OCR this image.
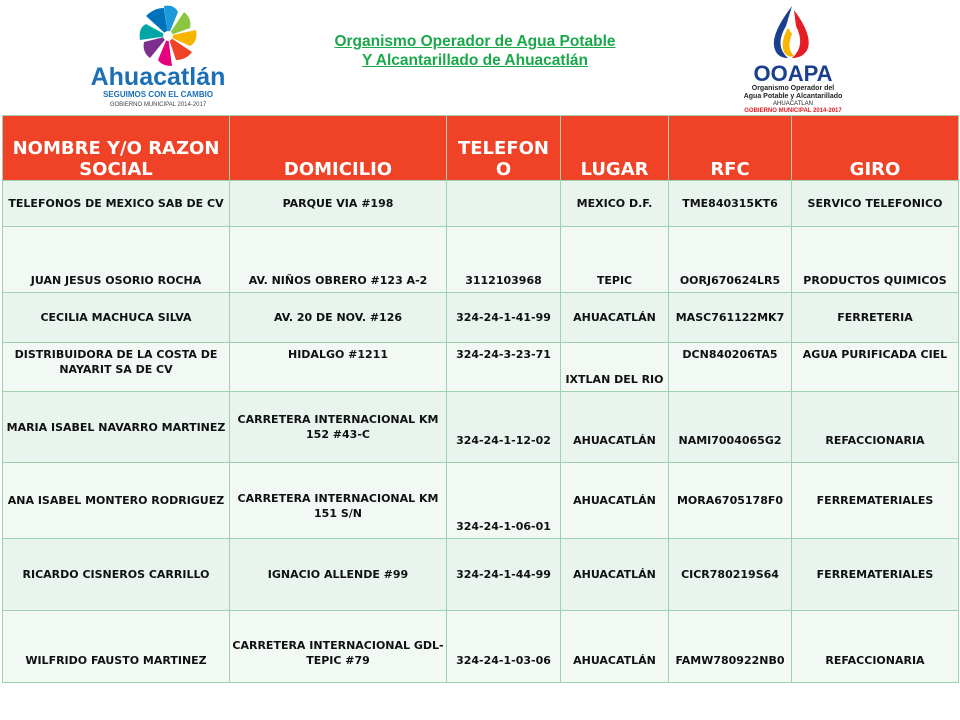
Ahuacatlán
SEGUIMOS CON EL CAMBIO
GOBIERNO MUNICIPAL 2014-2017
Organismo Operador de Agua Potable
Y Alcantarillado de Ahuacatlán
OOAPA
Organismo Operador del
Agua Potable y Alcantarillado
AHUACATLAN
GOBIERNO MUNICIPAL 2014-2017
NOMBRE Y/O RAZON SOCIAL	DOMICILIO	TELEFON O	LUGAR	RFC	GIRO
TELEFONOS DE MEXICO SAB DE CV	PARQUE VIA #198		MEXICO D.F.	TME840315KT6	SERVICO TELEFONICO
JUAN JESUS OSORIO ROCHA	AV. NIÑOS OBRERO #123 A-2	3112103968	TEPIC	OORJ670624LR5	PRODUCTOS QUIMICOS
CECILIA MACHUCA SILVA	AV. 20 DE NOV. #126	324-24-1-41-99	AHUACATLÁN	MASC761122MK7	FERRETERIA
DISTRIBUIDORA DE LA COSTA DE NAYARIT SA DE CV	HIDALGO #1211	324-24-3-23-71	IXTLAN DEL RIO	DCN840206TA5	AGUA PURIFICADA CIEL
MARIA ISABEL NAVARRO MARTINEZ	CARRETERA INTERNACIONAL KM 152 #43-C	324-24-1-12-02	AHUACATLÁN	NAMI7004065G2	REFACCIONARIA
ANA ISABEL MONTERO RODRIGUEZ	CARRETERA INTERNACIONAL KM 151 S/N	324-24-1-06-01	AHUACATLÁN	MORA6705178F0	FERREMATERIALES
RICARDO CISNEROS CARRILLO	IGNACIO ALLENDE #99	324-24-1-44-99	AHUACATLÁN	CICR780219S64	FERREMATERIALES
WILFRIDO FAUSTO MARTINEZ	CARRETERA INTERNACIONAL GDL-TEPIC #79	324-24-1-03-06	AHUACATLÁN	FAMW780922NB0	REFACCIONARIA
